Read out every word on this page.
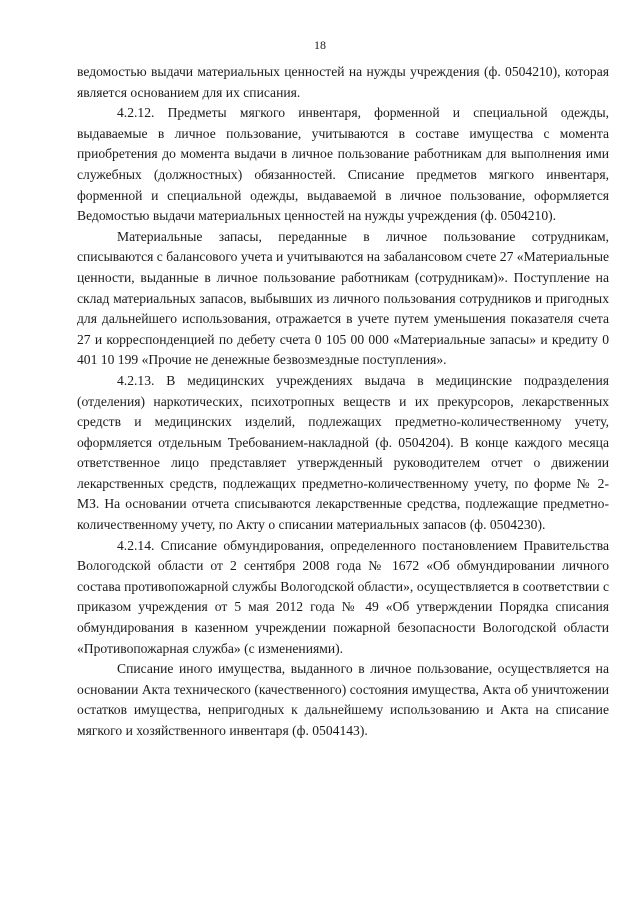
18

ведомостью выдачи материальных ценностей на нужды учреждения (ф. 0504210), которая является основанием для их списания.

4.2.12. Предметы мягкого инвентаря, форменной и специальной одежды, выдаваемые в личное пользование, учитываются в составе имущества с момента приобретения до момента выдачи в личное пользование работникам для выполнения ими служебных (должностных) обязанностей. Списание предметов мягкого инвентаря, форменной и специальной одежды, выдаваемой в личное пользование, оформляется Ведомостью выдачи материальных ценностей на нужды учреждения (ф. 0504210).

Материальные запасы, переданные в личное пользование сотрудникам, списываются с балансового учета и учитываются на забалансовом счете 27 «Материальные ценности, выданные в личное пользование работникам (сотрудникам)». Поступление на склад материальных запасов, выбывших из личного пользования сотрудников и пригодных для дальнейшего использования, отражается в учете путем уменьшения показателя счета 27 и корреспонденцией по дебету счета 0 105 00 000 «Материальные запасы» и кредиту 0 401 10 199 «Прочие не денежные безвозмездные поступления».

4.2.13. В медицинских учреждениях выдача в медицинские подразделения (отделения) наркотических, психотропных веществ и их прекурсоров, лекарственных средств и медицинских изделий, подлежащих предметно-количественному учету, оформляется отдельным Требованием-накладной (ф. 0504204). В конце каждого месяца ответственное лицо представляет утвержденный руководителем отчет о движении лекарственных средств, подлежащих предметно-количественному учету, по форме № 2-МЗ. На основании отчета списываются лекарственные средства, подлежащие предметно-количественному учету, по Акту о списании материальных запасов (ф. 0504230).

4.2.14. Списание обмундирования, определенного постановлением Правительства Вологодской области от 2 сентября 2008 года № 1672 «Об обмундировании личного состава противопожарной службы Вологодской области», осуществляется в соответствии с приказом учреждения от 5 мая 2012 года № 49 «Об утверждении Порядка списания обмундирования в казенном учреждении пожарной безопасности Вологодской области «Противопожарная служба» (с изменениями).

Списание иного имущества, выданного в личное пользование, осуществляется на основании Акта технического (качественного) состояния имущества, Акта об уничтожении остатков имущества, непригодных к дальнейшему использованию и Акта на списание мягкого и хозяйственного инвентаря (ф. 0504143).
